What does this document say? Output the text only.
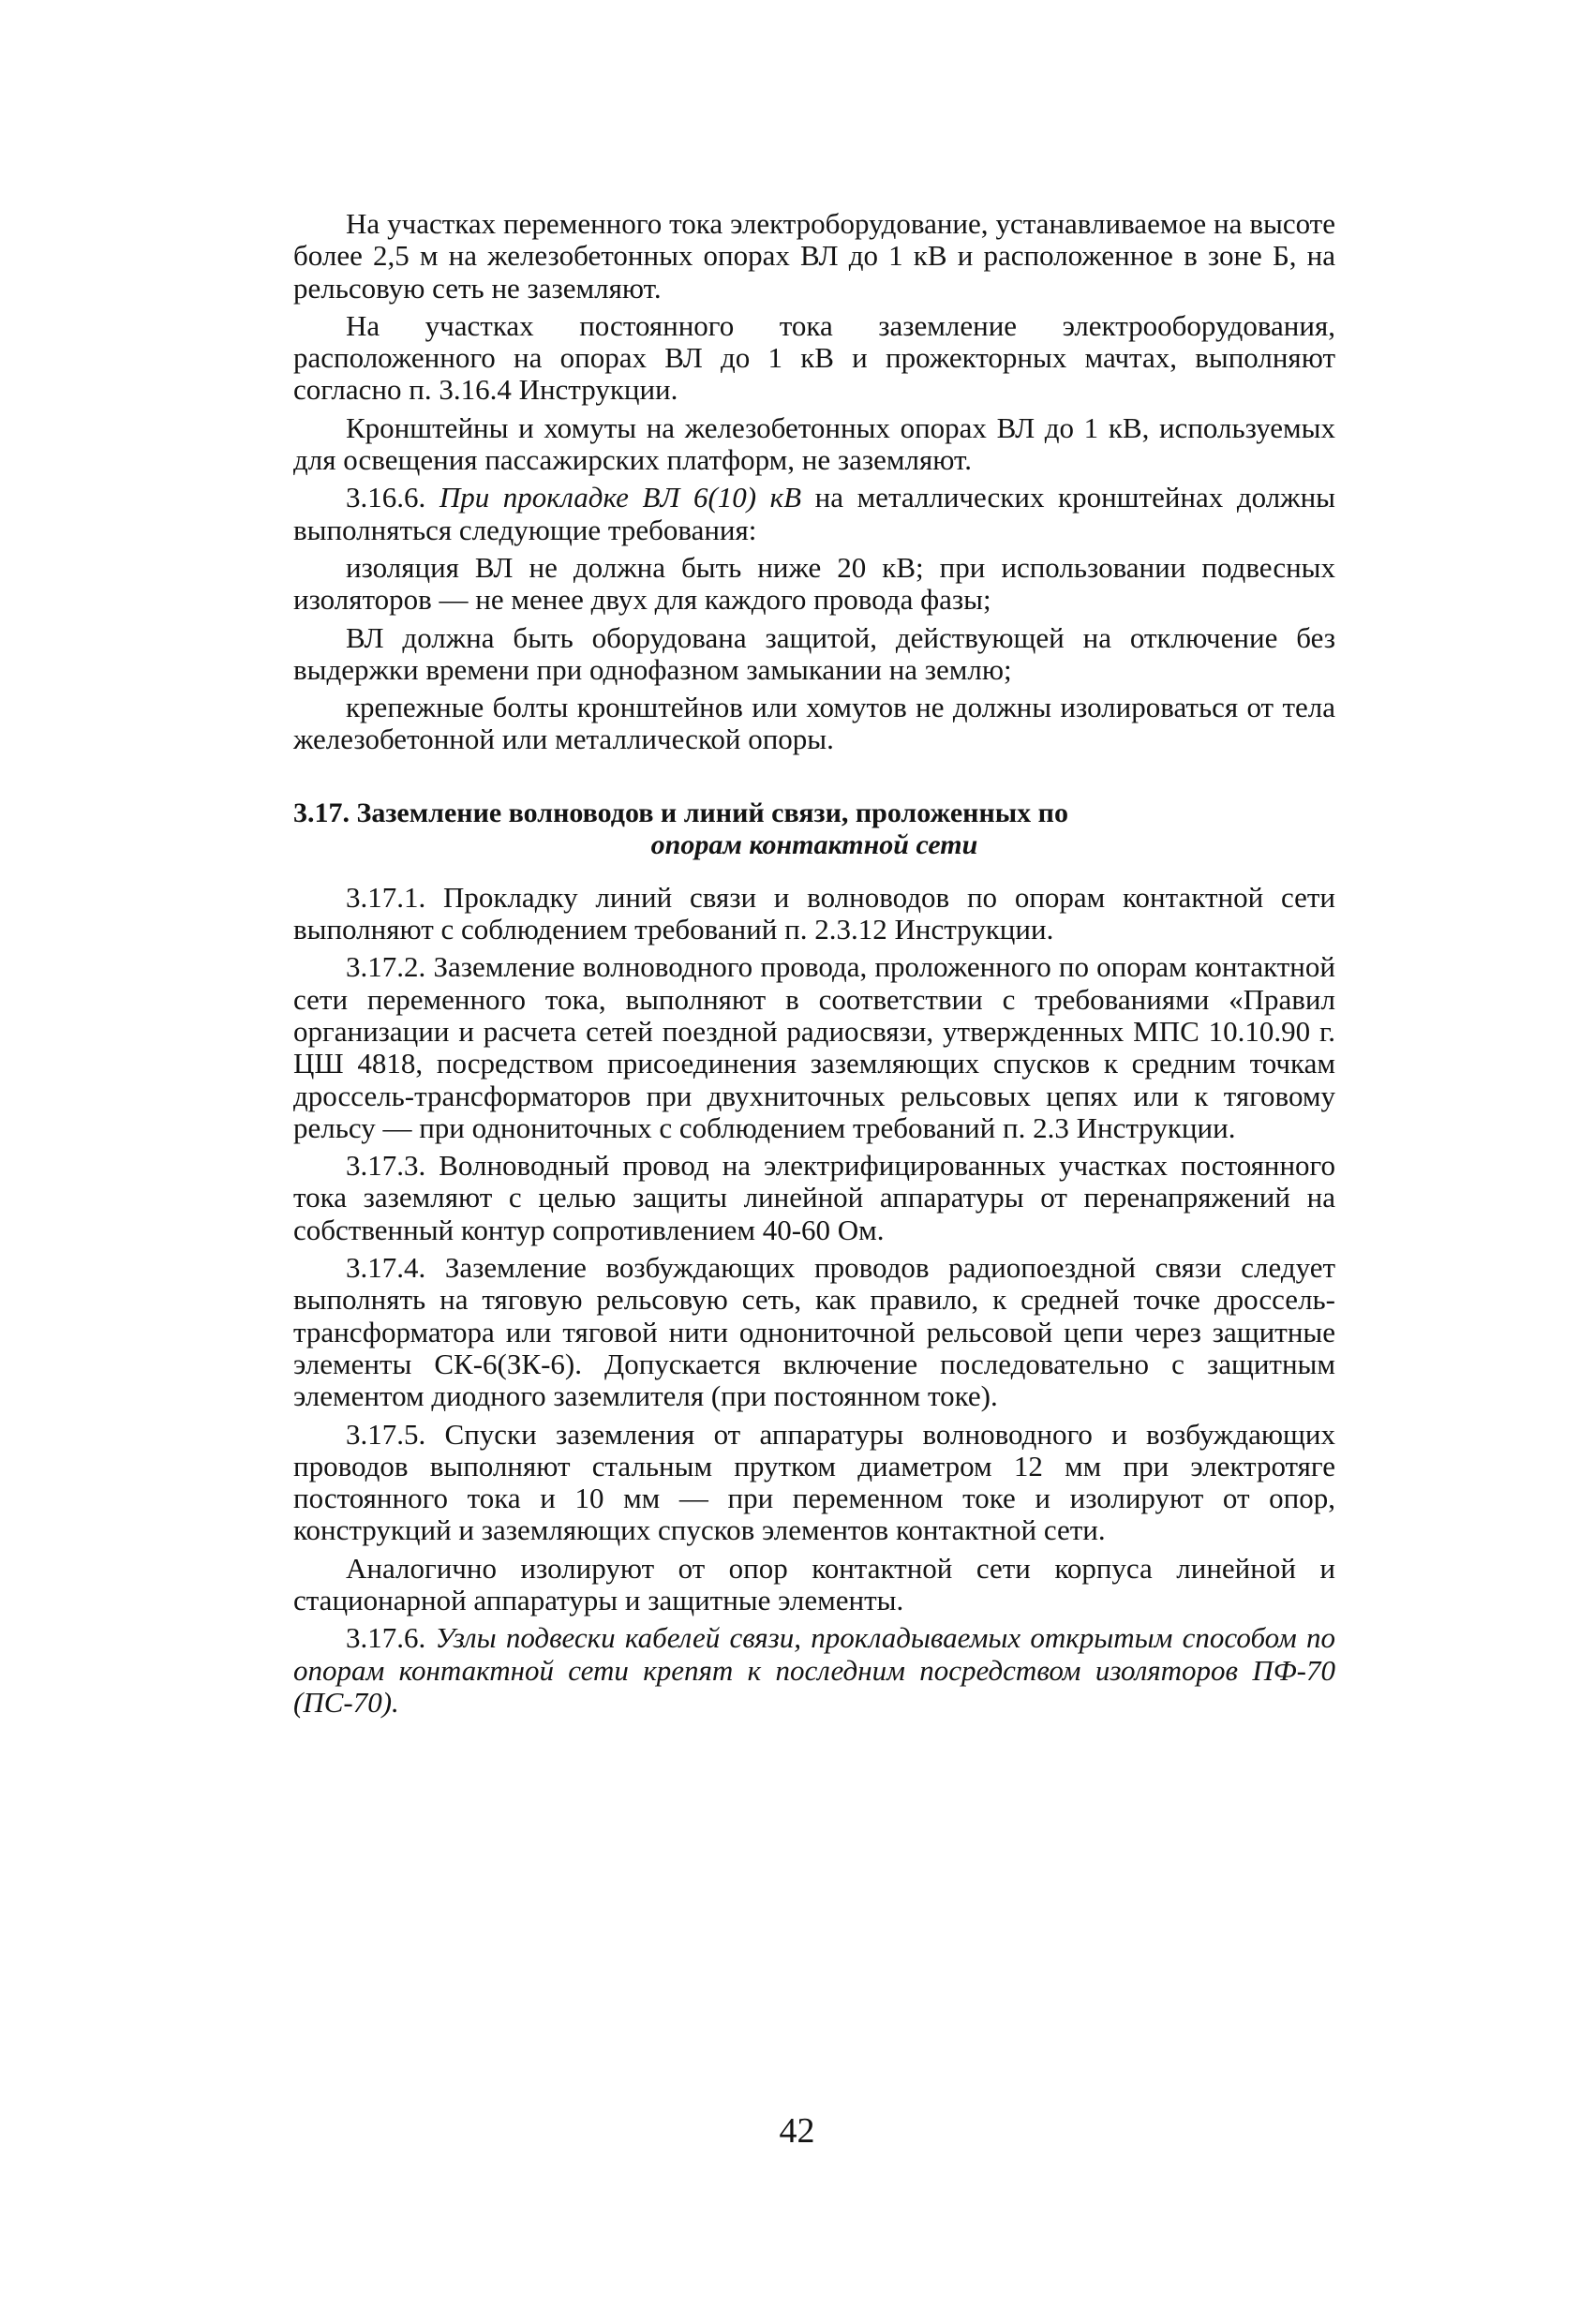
На участках переменного тока электроборудование, устанавливаемое на высоте более 2,5 м на железобетонных опорах ВЛ до 1 кВ и расположенное в зоне Б, на рельсовую сеть не заземляют.

На участках постоянного тока заземление электрооборудования, расположенного на опорах ВЛ до 1 кВ и прожекторных мачтах, выполняют согласно п. 3.16.4 Инструкции.

Кронштейны и хомуты на железобетонных опорах ВЛ до 1 кВ, используемых для освещения пассажирских платформ, не заземляют.

3.16.6. При прокладке ВЛ 6(10) кВ на металлических кронштейнах должны выполняться следующие требования:

изоляция ВЛ не должна быть ниже 20 кВ; при использовании подвесных изоляторов — не менее двух для каждого провода фазы;

ВЛ должна быть оборудована защитой, действующей на отключение без выдержки времени при однофазном замыкании на землю;

крепежные болты кронштейнов или хомутов не должны изолироваться от тела железобетонной или металлической опоры.

3.17. Заземление волноводов и линий связи, проложенных по
опорам контактной сети

3.17.1. Прокладку линий связи и волноводов по опорам контактной сети выполняют с соблюдением требований п. 2.3.12 Инструкции.

3.17.2. Заземление волноводного провода, проложенного по опорам контактной сети переменного тока, выполняют в соответствии с требованиями «Правил организации и расчета сетей поездной радиосвязи, утвержденных МПС 10.10.90 г. ЦШ 4818, посредством присоединения заземляющих спусков к средним точкам дроссель-трансформаторов при двухниточных рельсовых цепях или к тяговому рельсу — при однониточных с соблюдением требований п. 2.3 Инструкции.

3.17.3. Волноводный провод на электрифицированных участках постоянного тока заземляют с целью защиты линейной аппаратуры от перенапряжений на собственный контур сопротивлением 40-60 Ом.

3.17.4. Заземление возбуждающих проводов радиопоездной связи следует выполнять на тяговую рельсовую сеть, как правило, к средней точке дроссель-трансформатора или тяговой нити однониточной рельсовой цепи через защитные элементы СК-6(ЗК-6). Допускается включение последовательно с защитным элементом диодного заземлителя (при постоянном токе).

3.17.5. Спуски заземления от аппаратуры волноводного и возбуждающих проводов выполняют стальным прутком диаметром 12 мм при электротяге постоянного тока и 10 мм — при переменном токе и изолируют от опор, конструкций и заземляющих спусков элементов контактной сети.

Аналогично изолируют от опор контактной сети корпуса линейной и стационарной аппаратуры и защитные элементы.

3.17.6. Узлы подвески кабелей связи, прокладываемых открытым способом по опорам контактной сети крепят к последним посредством изоляторов ПФ-70 (ПС-70).

42
